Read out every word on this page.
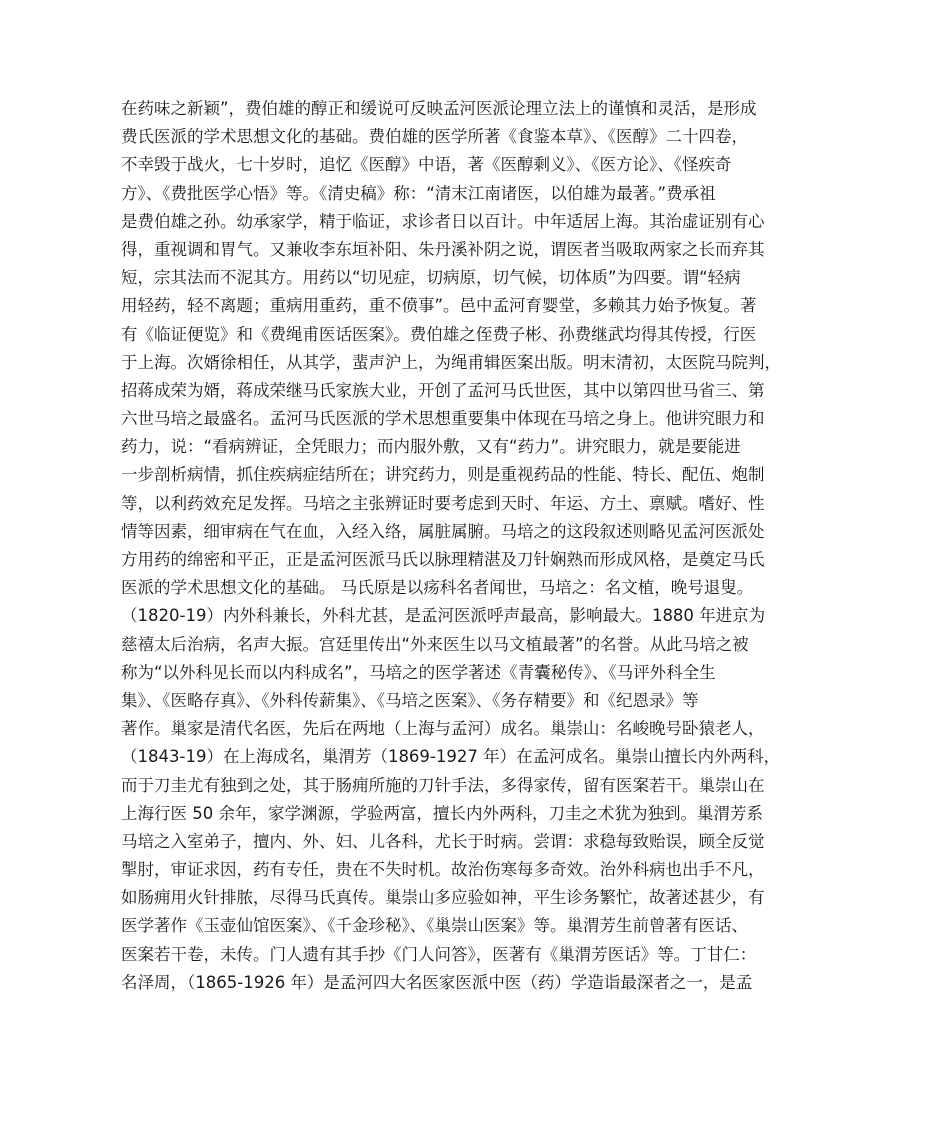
在药味之新颖”，费伯雄的醇正和缓说可反映孟河医派论理立法上的谨慎和灵活，是形成
费氏医派的学术思想文化的基础。费伯雄的医学所著《食鉴本草》、《医醇》二十四卷，
不幸毁于战火，七十岁时，追忆《医醇》中语，著《医醇剩义》、《医方论》、《怪疾奇
方》、《费批医学心悟》等。《清史稿》称：“清末江南诸医，以伯雄为最著。”费承祖
是费伯雄之孙。幼承家学，精于临证，求诊者日以百计。中年适居上海。其治虚证别有心
得，重视调和胃气。又兼收李东垣补阳、朱丹溪补阴之说，谓医者当吸取两家之长而弃其
短，宗其法而不泥其方。用药以“切见症，切病原，切气候，切体质”为四要。谓“轻病
用轻药，轻不离题；重病用重药，重不偾事”。邑中孟河育婴堂，多赖其力始予恢复。著
有《临证便览》和《费绳甫医话医案》。费伯雄之侄费子彬、孙费继武均得其传授，行医
于上海。次婿徐相任，从其学，蜚声沪上，为绳甫辑医案出版。明末清初，太医院马院判，
招蒋成荣为婿，蒋成荣继马氏家族大业，开创了孟河马氏世医，其中以第四世马省三、第
六世马培之最盛名。孟河马氏医派的学术思想重要集中体现在马培之身上。他讲究眼力和
药力，说：“看病辨证，全凭眼力；而内服外敷，又有“药力”。讲究眼力，就是要能进
一步剖析病情，抓住疾病症结所在；讲究药力，则是重视药品的性能、特长、配伍、炮制
等，以利药效充足发挥。马培之主张辨证时要考虑到天时、年运、方土、禀赋。嗜好、性
情等因素，细审病在气在血，入经入络，属脏属腑。马培之的这段叙述则略见孟河医派处
方用药的绵密和平正，正是孟河医派马氏以脉理精湛及刀针娴熟而形成风格，是奠定马氏
医派的学术思想文化的基础。 马氏原是以疡科名者闻世，马培之：名文植，晚号退叟。
（1820-19）内外科兼长，外科尤甚，是孟河医派呼声最高，影响最大。1880 年进京为
慈禧太后治病，名声大振。宫廷里传出“外来医生以马文植最著”的名誉。从此马培之被
称为“以外科见长而以内科成名”，马培之的医学著述《青囊秘传》、《马评外科全生
集》、《医略存真》、《外科传薪集》、《马培之医案》、《务存精要》和《纪恩录》等
著作。巢家是清代名医，先后在两地（上海与孟河）成名。巢崇山：名峻晚号卧猿老人，
（1843-19）在上海成名，巢渭芳（1869-1927 年）在孟河成名。巢崇山擅长内外两科，
而于刀圭尤有独到之处，其于肠痈所施的刀针手法，多得家传，留有医案若干。巢崇山在
上海行医 50 余年，家学渊源，学验两富，擅长内外两科，刀圭之术犹为独到。巢渭芳系
马培之入室弟子，擅内、外、妇、儿各科，尤长于时病。尝谓：求稳每致贻误，顾全反觉
掣肘，审证求因，药有专任，贵在不失时机。故治伤寒每多奇效。治外科病也出手不凡，
如肠痈用火针排脓，尽得马氏真传。巢崇山多应验如神，平生诊务繁忙，故著述甚少，有
医学著作《玉壶仙馆医案》、《千金珍秘》、《巢崇山医案》等。巢渭芳生前曾著有医话、
医案若干卷，未传。门人遗有其手抄《门人问答》，医著有《巢渭芳医话》等。丁甘仁：
名泽周，（1865-1926 年）是孟河四大名医家医派中医（药）学造诣最深者之一，是孟
